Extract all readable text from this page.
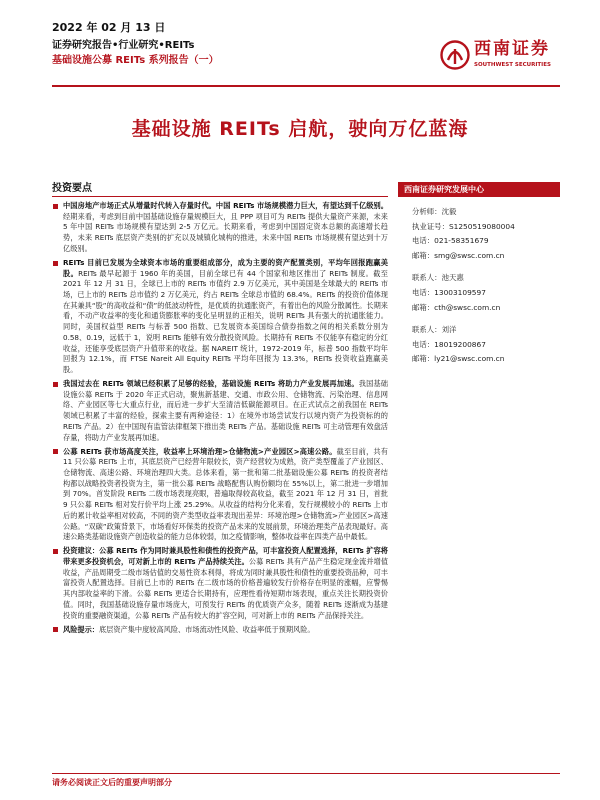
2022 年 02 月 13 日
证券研究报告•行业研究•REITs
基础设施公募 REITs 系列报告（一）
西南证券
SOUTHWEST SECURITIES
基础设施 REITs 启航，驶向万亿蓝海
投资要点

中国房地产市场正式从增量时代转入存量时代。中国 REITs 市场规模潜力巨大，有望达到千亿级别。经期来看，考虑到目前中国基础设施存量规模巨大，且 PPP 项目可为 REITs 提供大量资产来源，未来 5 年中国 REITs 市场规模有望达到 2-5 万亿元。长期来看，考虑到中国固定资本总额的高速增长趋势，未来 REITs 底层资产类别的扩充以及城镇化城构的推进，未来中国 REITs 市场规模有望达到十万亿级别。

REITs 目前已发展为全球资本市场的重要组成部分，成为主要的资产配置类别，平均年回报跑赢美股。REITs 最早起源于 1960 年的美国，目前全球已有 44 个国家和地区推出了 REITs 制度。截至 2021 年 12 月 31 日，全球已上市的 REITs 市值约 2.9 万亿美元，其中美国是全球最大的 REITs 市场，已上市的 REITs 总市值约 2 万亿美元，约占 REITs 全球总市值的 68.4%。REITs 的投资价值体现在其兼具“股”的高收益和“债”的低波动特性，是优质的抗通胀资产，有着出色的风险分散属性。长期来看，不动产收益率的变化和通货膨胀率的变化呈明显的正相关，说明 REITs 具有强大的抗通胀能力。同时，美国权益型 REITs 与标普 500 指数、已发展资本美国综合债券指数之间的相关系数分别为 0.58、0.19，远低于 1，说明 REITs 能够有效分散投资风险。长期持有 REITs 不仅能享有稳定的分红收益，还能享受底层资产升值带来的收益。据 NAREIT 统计，1972-2019 年，标普 500 指数平均年回报为 12.1%，而 FTSE Nareit All Equity REITs 平均年回报为 13.3%，REITs 投资收益跑赢美股。

我国过去在 REITs 领域已经积累了足够的经验，基础设施 REITs 将助力产业发展再加速。我国基础设施公募 REITs 于 2020 年正式启动，聚焦新基建、交通、市政公用、仓储物流、污染治理、信息网络、产业园区等七大重点行业，而后进一步扩大至清洁低碳能源项目。在正式试点之前我国在 REITs 领域已积累了丰富的经验，探索主要有两种途径：1）在境外市场尝试发行以境内资产为投资标的的 REITs 产品。2）在中国现有监管法律框架下推出类 REITs 产品。基础设施 REITs 可主动管理有效盘活存量，将助力产业发展再加速。

公募 REITs 获市场高度关注，收益率上环境治理>仓储物流>产业园区>高速公路。截至目前，共有 11 只公募 REITs 上市，其底层资产已经营年限较长，资产经营较为成熟，资产类型覆盖了产业园区、仓储物流、高速公路、环境治理四大类。总体来看，第一批和第二批基础设施公募 REITs 的投资者结构都以战略投资者投资为主，第一批公募 REITs 战略配售认购份额均在 55%以上，第二批进一步增加到 70%。首发阶段 REITs 二级市场表现亮眼，普遍取得较高收益，截至 2021 年 12 月 31 日，首批 9 只公募 REITs 相对发行价平均上涨 25.29%。从收益的结构分化来看，发行规模较小的 REITs 上市后的累计收益率相对较高，不同的资产类型收益率表现出差异：环境治理>仓储物流>产业园区>高速公路。“双碳”政策背景下，市场看好环保类的投资产品未来的发展前景，环境治理类产品表现最好。高速公路类基础设施资产创造收益的能力总体较弱，加之疫情影响，整体收益率在四类产品中最低。

投资建议：公募 REITs 作为同时兼具股性和债性的投资产品，可丰富投资人配置选择，REITs 扩容将带来更多投资机会，可对新上市的 REITs 产品持续关注。公募 REITs 具有产品产生稳定现金流并增值收益，产品周期受二级市场估值的交易性资本利得，将成为同时兼具股性和债性的重要投资品种，可丰富投资人配置选择。目前已上市的 REITs 在二级市场的价格普遍较发行价格存在明显的涨幅，应警惕其内部收益率的下滑。公募 REITs 更适合长期持有，应理性看待短期市场表现，重点关注长期投资价值。同时，我国基础设施存量市场庞大，可预发行 REITs 的优质资产众多，随着 REITs 逐渐成为基建投资的重要融资渠道，公募 REITs 产品有较大的扩容空间，可对新上市的 REITs 产品保持关注。

风险提示：底层资产集中度较高风险、市场流动性风险、收益率低于预期风险。

西南证券研究发展中心
分析师：沈毅
执业证号：S1250519080004
电话：021-58351679
邮箱：smg@swsc.com.cn
联系人：池天惠
电话：13003109597
邮箱：cth@swsc.com.cn
联系人：刘洋
电话：18019200867
邮箱：ly21@swsc.com.cn
请务必阅读正文后的重要声明部分
